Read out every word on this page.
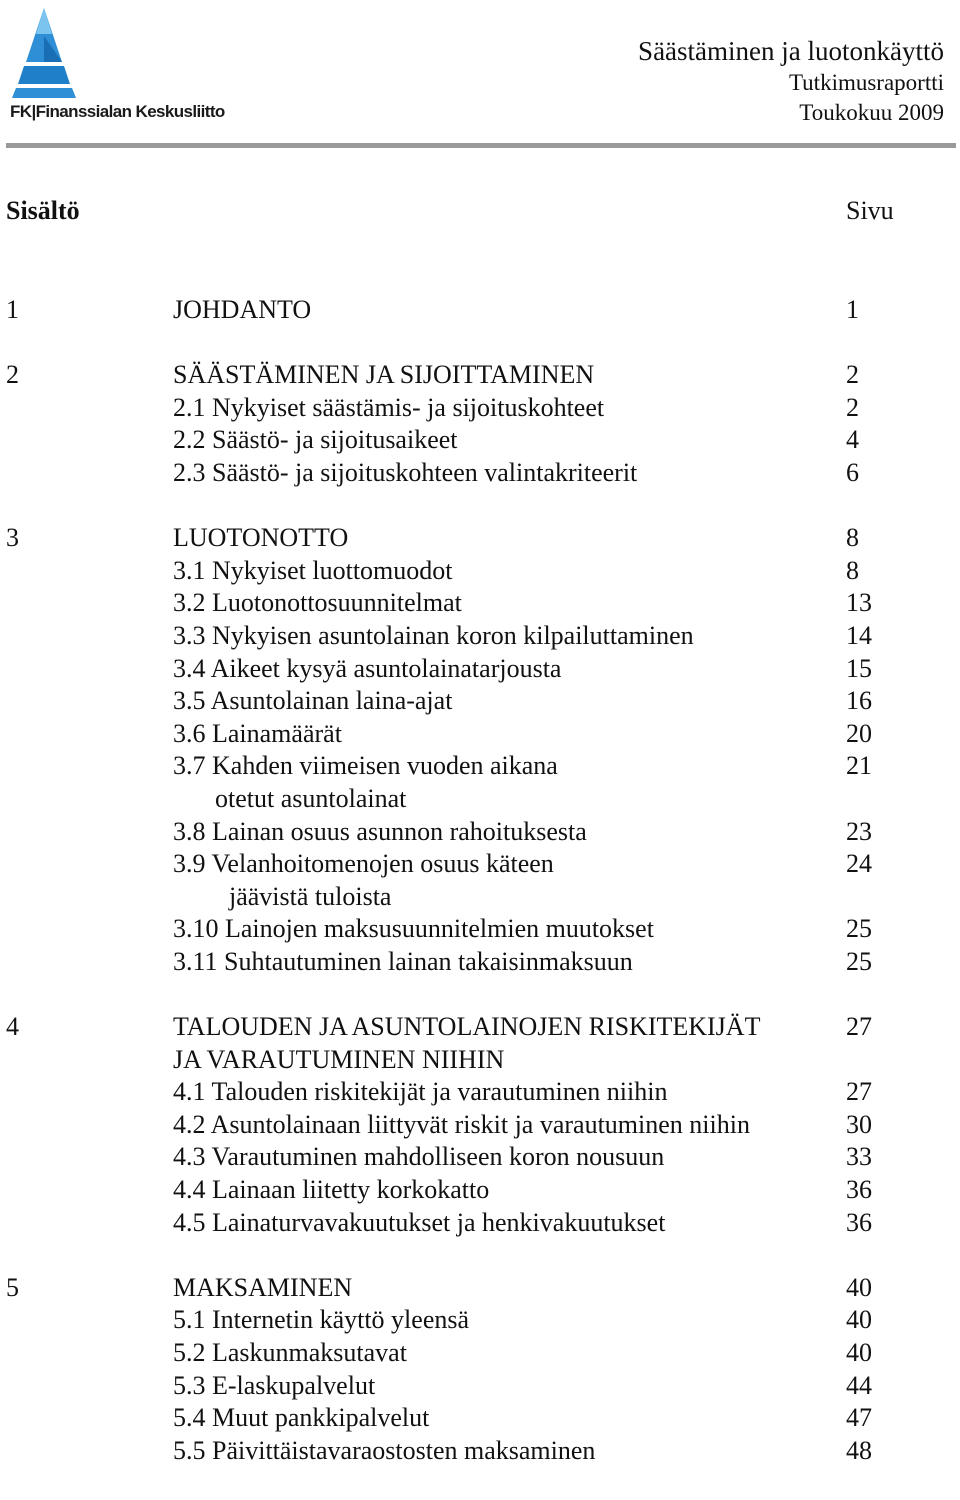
FK|Finanssialan Keskusliitto
Säästäminen ja luotonkäyttö
Tutkimusraportti
Toukokuu 2009
Sisältö	Sivu
1	JOHDANTO	1
2	SÄÄSTÄMINEN JA SIJOITTAMINEN	2
2.1 Nykyiset säästämis- ja sijoituskohteet	2
2.2 Säästö- ja sijoitusaikeet	4
2.3 Säästö- ja sijoituskohteen valintakriteerit	6
3	LUOTONOTTO	8
3.1 Nykyiset luottomuodot	8
3.2 Luotonottosuunnitelmat	13
3.3 Nykyisen asuntolainan koron kilpailuttaminen	14
3.4 Aikeet kysyä asuntolainatarjousta	15
3.5 Asuntolainan laina-ajat	16
3.6 Lainamäärät	20
3.7 Kahden viimeisen vuoden aikana	21
otetut asuntolainat
3.8 Lainan osuus asunnon rahoituksesta	23
3.9 Velanhoitomenojen osuus käteen	24
jäävistä tuloista
3.10 Lainojen maksusuunnitelmien muutokset	25
3.11 Suhtautuminen lainan takaisinmaksuun	25
4	TALOUDEN JA ASUNTOLAINOJEN RISKITEKIJÄT	27
JA VARAUTUMINEN NIIHIN
4.1 Talouden riskitekijät ja varautuminen niihin	27
4.2 Asuntolainaan liittyvät riskit ja varautuminen niihin	30
4.3 Varautuminen mahdolliseen koron nousuun	33
4.4 Lainaan liitetty korkokatto	36
4.5 Lainaturvavakuutukset ja henkivakuutukset	36
5	MAKSAMINEN	40
5.1 Internetin käyttö yleensä	40
5.2 Laskunmaksutavat	40
5.3 E-laskupalvelut	44
5.4 Muut pankkipalvelut	47
5.5 Päivittäistavaraostosten maksaminen	48
